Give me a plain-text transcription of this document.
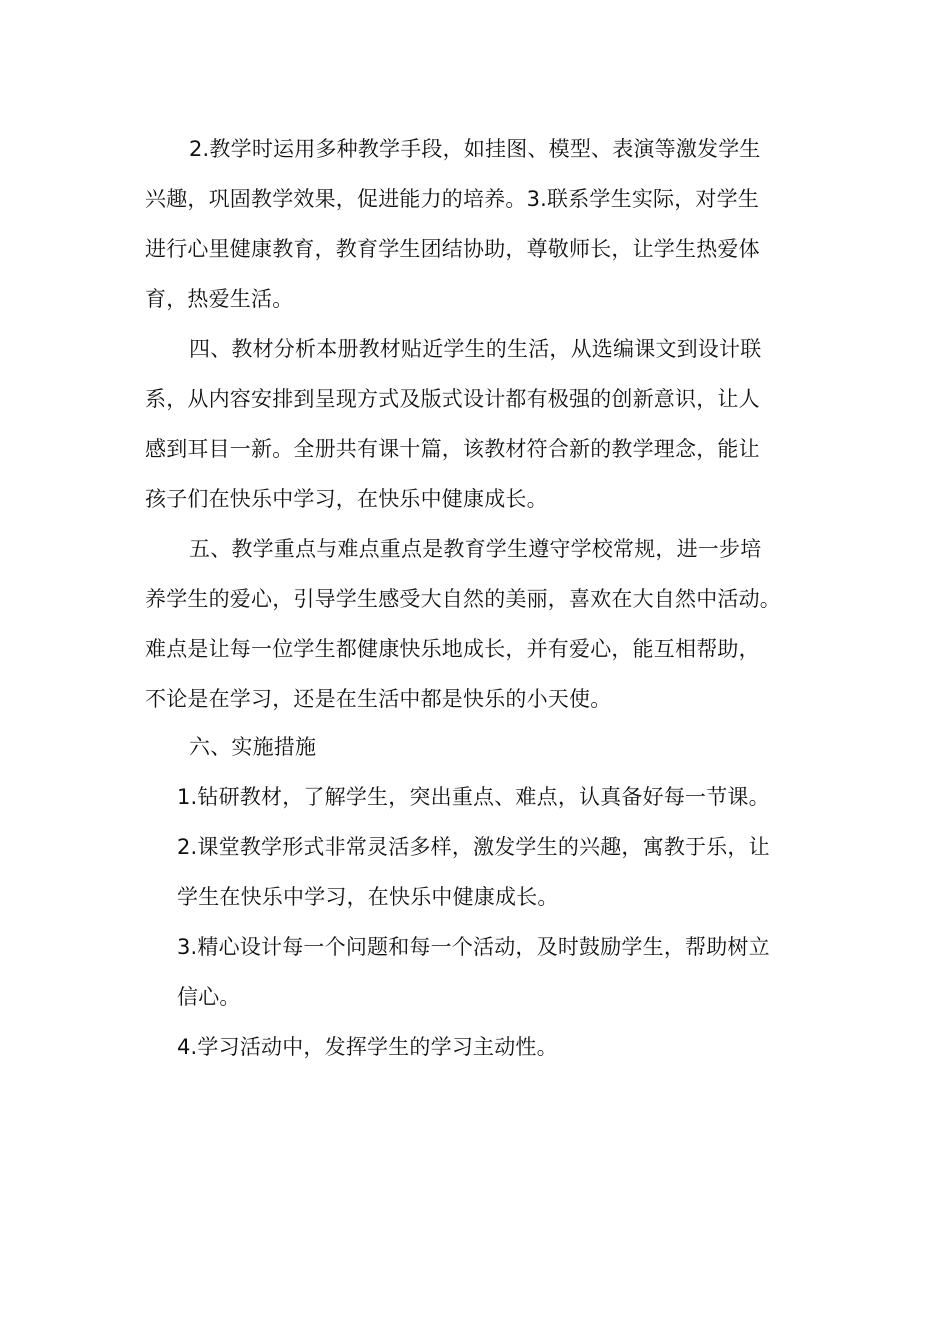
2.教学时运用多种教学手段，如挂图、模型、表演等激发学生
兴趣，巩固教学效果，促进能力的培养。3.联系学生实际，对学生
进行心里健康教育，教育学生团结协助，尊敬师长，让学生热爱体
育，热爱生活。
四、教材分析本册教材贴近学生的生活，从选编课文到设计联
系，从内容安排到呈现方式及版式设计都有极强的创新意识，让人
感到耳目一新。全册共有课十篇，该教材符合新的教学理念，能让
孩子们在快乐中学习，在快乐中健康成长。
五、教学重点与难点重点是教育学生遵守学校常规，进一步培
养学生的爱心，引导学生感受大自然的美丽，喜欢在大自然中活动。
难点是让每一位学生都健康快乐地成长，并有爱心，能互相帮助，
不论是在学习，还是在生活中都是快乐的小天使。
六、实施措施
1.钻研教材，了解学生，突出重点、难点，认真备好每一节课。
2.课堂教学形式非常灵活多样，激发学生的兴趣，寓教于乐，让
学生在快乐中学习，在快乐中健康成长。
3.精心设计每一个问题和每一个活动，及时鼓励学生，帮助树立
信心。
4.学习活动中，发挥学生的学习主动性。
